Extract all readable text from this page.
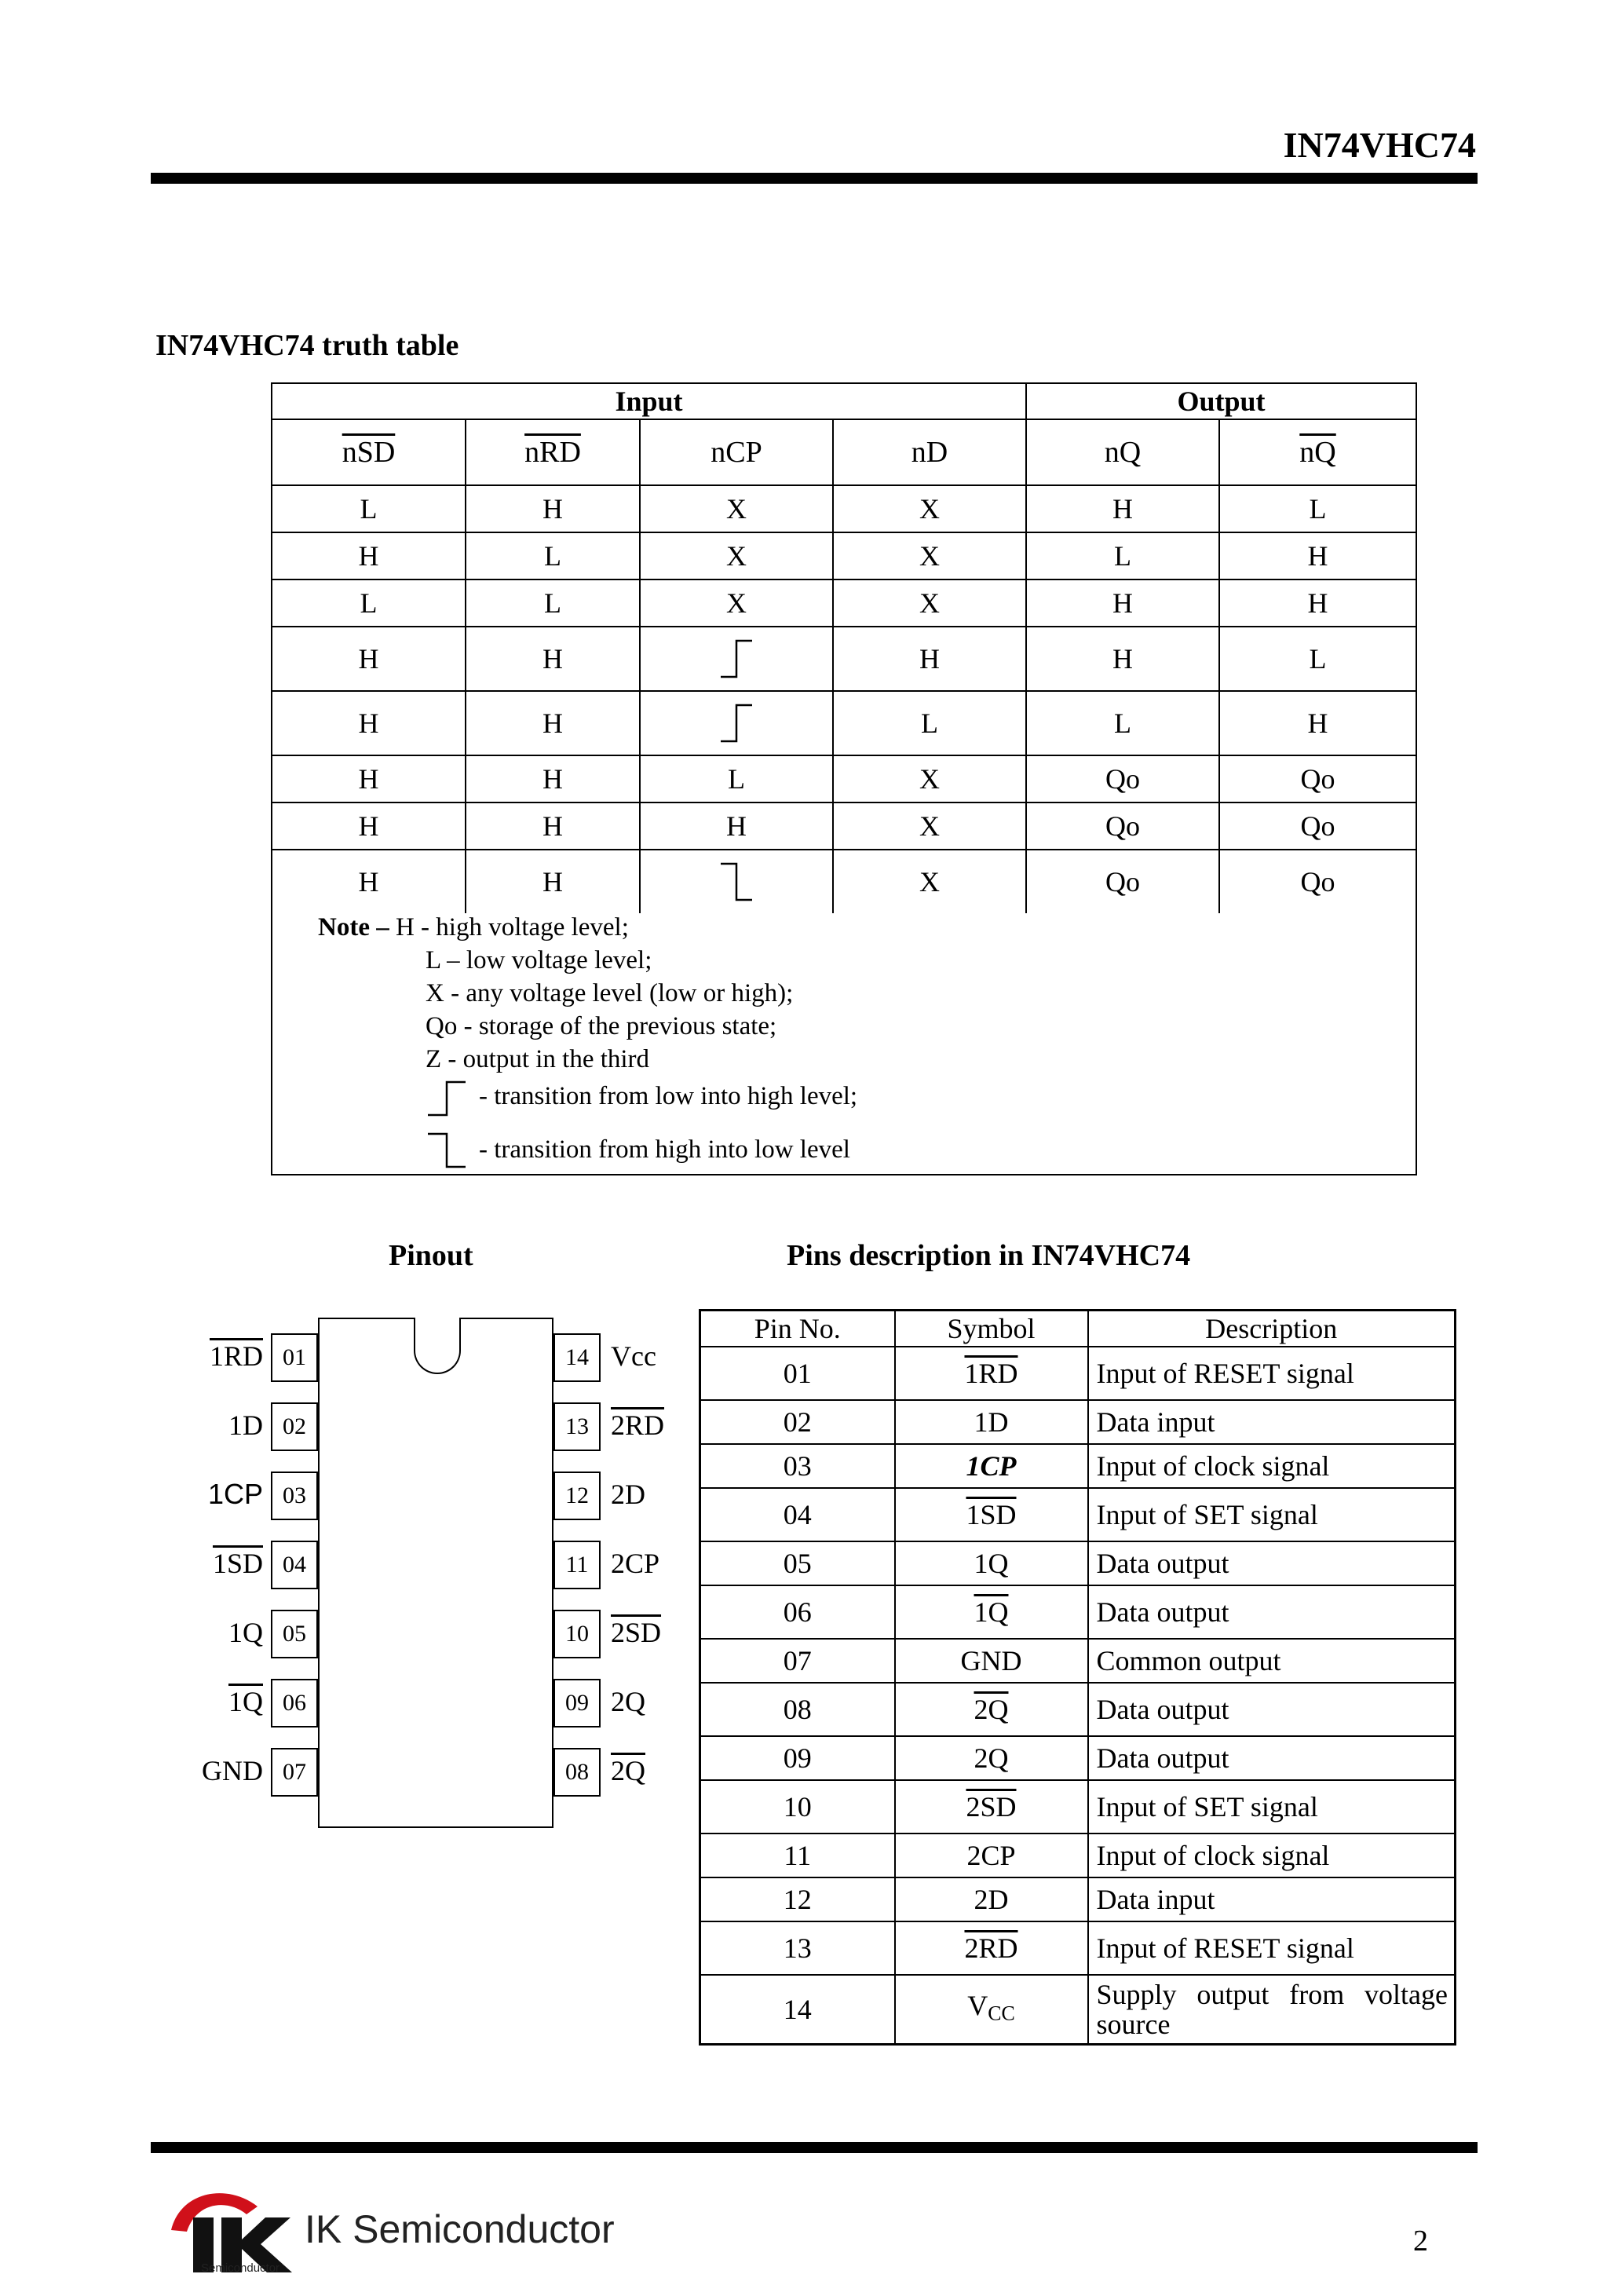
IN74VHC74
IN74VHC74 truth table
Input				Output	
$\overline{nSD}$	$\overline{nRD}$	nCP	nD	nQ	$\overline{nQ}$
L	H	X	X	H	L
H	L	X	X	L	H
L	L	X	X	H	H
H	H		H	H	L
H	H		L	L	H
H	H	L	X	Qo	Qo
H	H	H	X	Qo	Qo
H	H		X	Qo	Qo
Note – H - high voltage level;
L – low voltage level;
X - any voltage level (low or high);
Qo - storage of the previous state;
Z - output in the third
- transition from low into high level;
- transition from high into low level
Pinout	Pins description in IN74VHC74
01
1RD
02
1D
03
1CP
04
1SD
05
1Q
06
1Q
07
GND
14 Vcc
13 2RD
12 2D
11 2CP
10 2SD
09 2Q
08 2Q
Pin No.	Symbol	Description
01	1RD	Input of RESET signal
02	1D	Data input
03	1CP	Input of clock signal
04	1SD	Input of SET signal
05	1Q	Data output
06	1Q	Data output
07	GND	Common output
08	2Q	Data output
09	2Q	Data output
10	2SD	Input of SET signal
11	2CP	Input of clock signal
12	2D	Data input
13	2RD	Input of RESET signal
14	$V_{CC}$	Supply output from voltage source
IK Semiconductor
Semiconductor
2
